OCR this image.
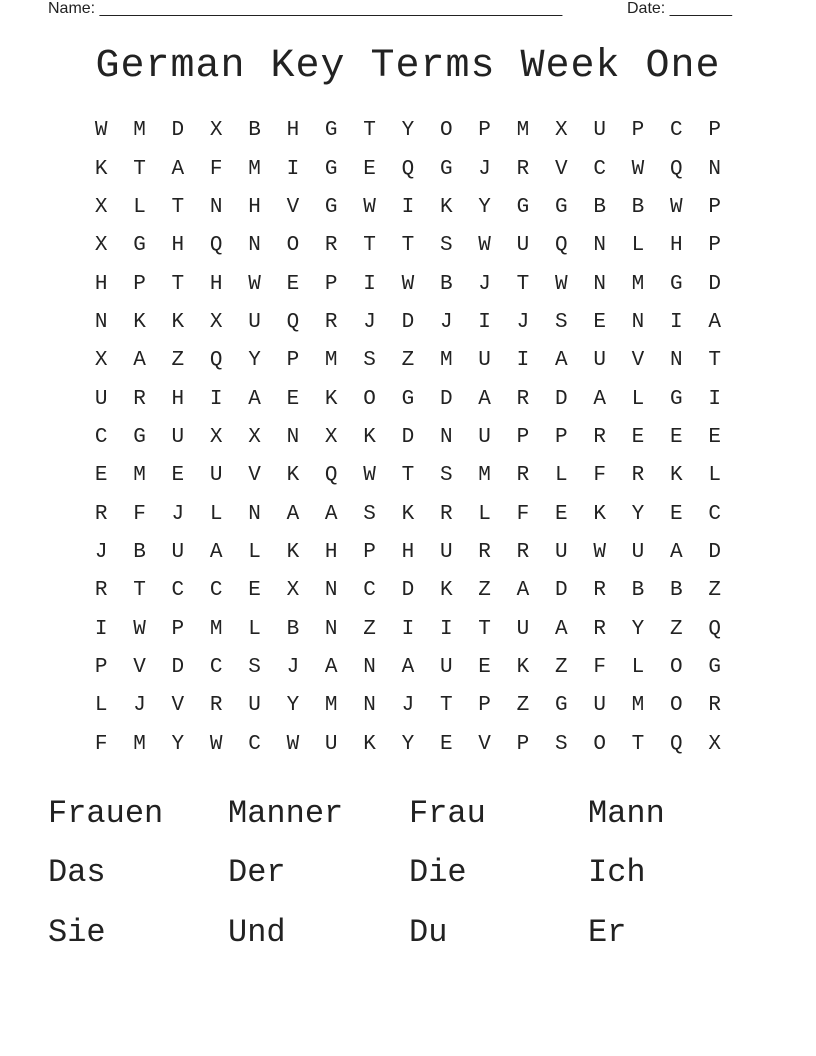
Name: ____________________________________________________	Date: _______
German Key Terms Week One
W	M	D	X	B	H	G	T	Y	O	P	M	X	U	P	C	P
K	T	A	F	M	I	G	E	Q	G	J	R	V	C	W	Q	N
X	L	T	N	H	V	G	W	I	K	Y	G	G	B	B	W	P
X	G	H	Q	N	O	R	T	T	S	W	U	Q	N	L	H	P
H	P	T	H	W	E	P	I	W	B	J	T	W	N	M	G	D
N	K	K	X	U	Q	R	J	D	J	I	J	S	E	N	I	A
X	A	Z	Q	Y	P	M	S	Z	M	U	I	A	U	V	N	T
U	R	H	I	A	E	K	O	G	D	A	R	D	A	L	G	I
C	G	U	X	X	N	X	K	D	N	U	P	P	R	E	E	E
E	M	E	U	V	K	Q	W	T	S	M	R	L	F	R	K	L
R	F	J	L	N	A	A	S	K	R	L	F	E	K	Y	E	C
J	B	U	A	L	K	H	P	H	U	R	R	U	W	U	A	D
R	T	C	C	E	X	N	C	D	K	Z	A	D	R	B	B	Z
I	W	P	M	L	B	N	Z	I	I	T	U	A	R	Y	Z	Q
P	V	D	C	S	J	A	N	A	U	E	K	Z	F	L	O	G
L	J	V	R	U	Y	M	N	J	T	P	Z	G	U	M	O	R
F	M	Y	W	C	W	U	K	Y	E	V	P	S	O	T	Q	X
Frauen	Manner	Frau	Mann
Das	Der	Die	Ich
Sie	Und	Du	Er
